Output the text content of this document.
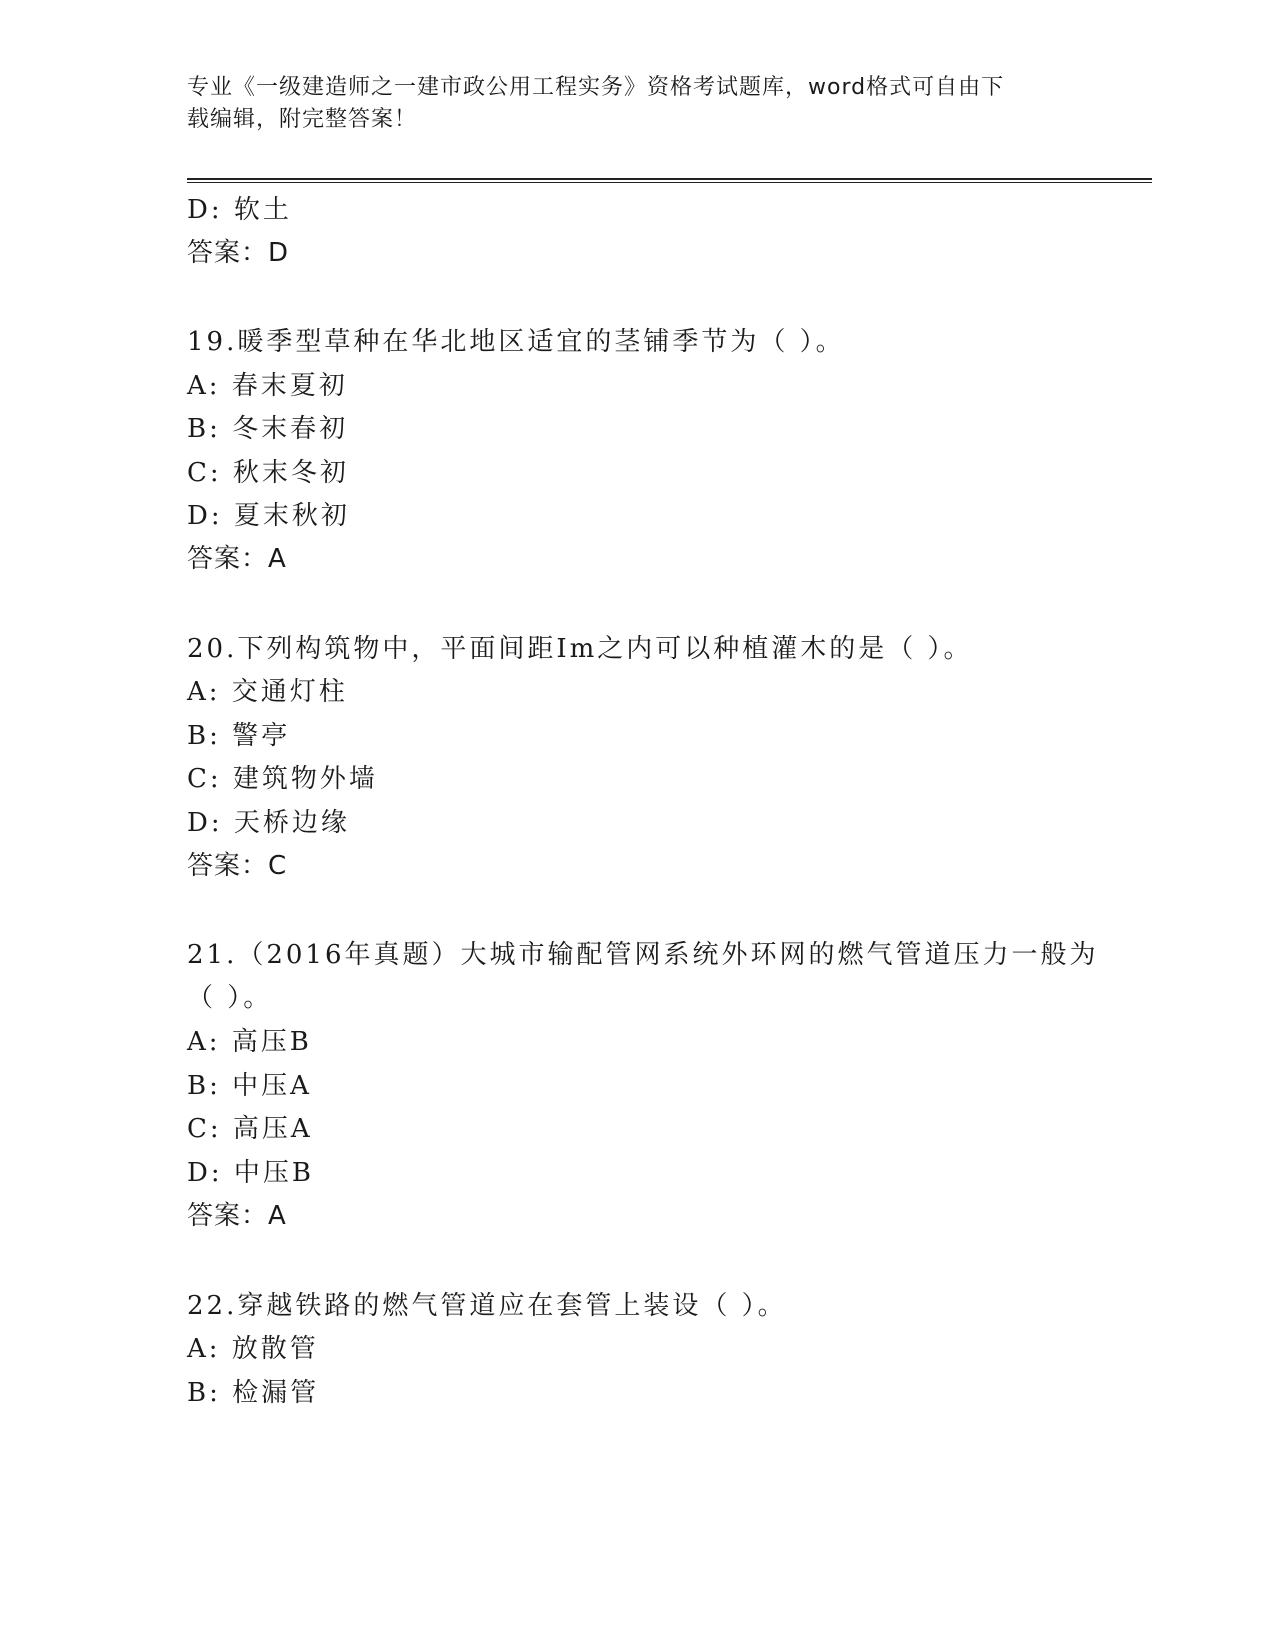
专业《一级建造师之一建市政公用工程实务》资格考试题库，word格式可自由下
载编辑，附完整答案！
D: 软土
答案：D
19.暖季型草种在华北地区适宜的茎铺季节为（ ）。
A: 春末夏初
B: 冬末春初
C: 秋末冬初
D: 夏末秋初
答案：A
20.下列构筑物中，平面间距Im之内可以种植灌木的是（ ）。
A: 交通灯柱
B: 警亭
C: 建筑物外墙
D: 天桥边缘
答案：C
21.（2016年真题）大城市输配管网系统外环网的燃气管道压力一般为
（ ）。
A: 高压B
B: 中压A
C: 高压A
D: 中压B
答案：A
22.穿越铁路的燃气管道应在套管上装设（ ）。
A: 放散管
B: 检漏管
